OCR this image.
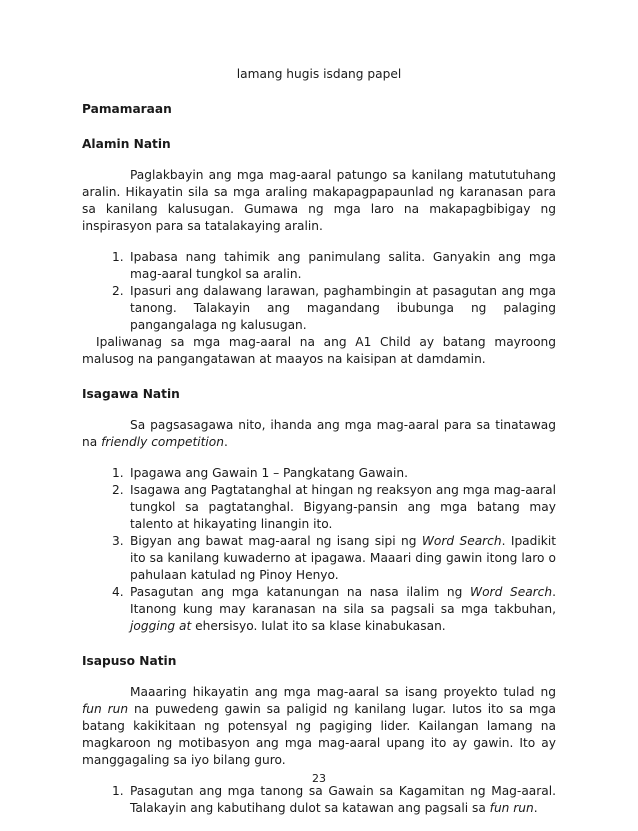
lamang hugis isdang papel

Pamamaraan

Alamin Natin

Paglakbayin ang mga mag-aaral patungo sa kanilang matututuhang aralin. Hikayatin sila sa mga araling makapagpapaunlad ng karanasan para sa kanilang kalusugan. Gumawa ng mga laro na makapagbibigay ng inspirasyon para sa tatalakaying aralin.

1. Ipabasa nang tahimik ang panimulang salita. Ganyakin ang mga mag-aaral tungkol sa aralin.
2. Ipasuri ang dalawang larawan, paghambingin at pasagutan ang mga tanong. Talakayin ang magandang ibubunga ng palaging pangangalaga ng kalusugan.

Ipaliwanag sa mga mag-aaral na ang A1 Child ay batang mayroong malusog na pangangatawan at maayos na kaisipan at damdamin.

Isagawa Natin

Sa pagsasagawa nito, ihanda ang mga mag-aaral para sa tinatawag na friendly competition.

1. Ipagawa ang Gawain 1 – Pangkatang Gawain.
2. Isagawa ang Pagtatanghal at hingan ng reaksyon ang mga mag-aaral tungkol sa pagtatanghal. Bigyang-pansin ang mga batang may talento at hikayating linangin ito.
3. Bigyan ang bawat mag-aaral ng isang sipi ng Word Search. Ipadikit ito sa kanilang kuwaderno at ipagawa. Maaari ding gawin itong laro o pahulaan katulad ng Pinoy Henyo.
4. Pasagutan ang mga katanungan na nasa ilalim ng Word Search. Itanong kung may karanasan na sila sa pagsali sa mga takbuhan, jogging at ehersisyo. Iulat ito sa klase kinabukasan.

Isapuso Natin

Maaaring hikayatin ang mga mag-aaral sa isang proyekto tulad ng fun run na puwedeng gawin sa paligid ng kanilang lugar. Iutos ito sa mga batang kakikitaan ng potensyal ng pagiging lider. Kailangan lamang na magkaroon ng motibasyon ang mga mag-aaral upang ito ay gawin. Ito ay manggagaling sa iyo bilang guro.

1. Pasagutan ang mga tanong sa Gawain sa Kagamitan ng Mag-aaral. Talakayin ang kabutihang dulot sa katawan ang pagsali sa fun run.
23
